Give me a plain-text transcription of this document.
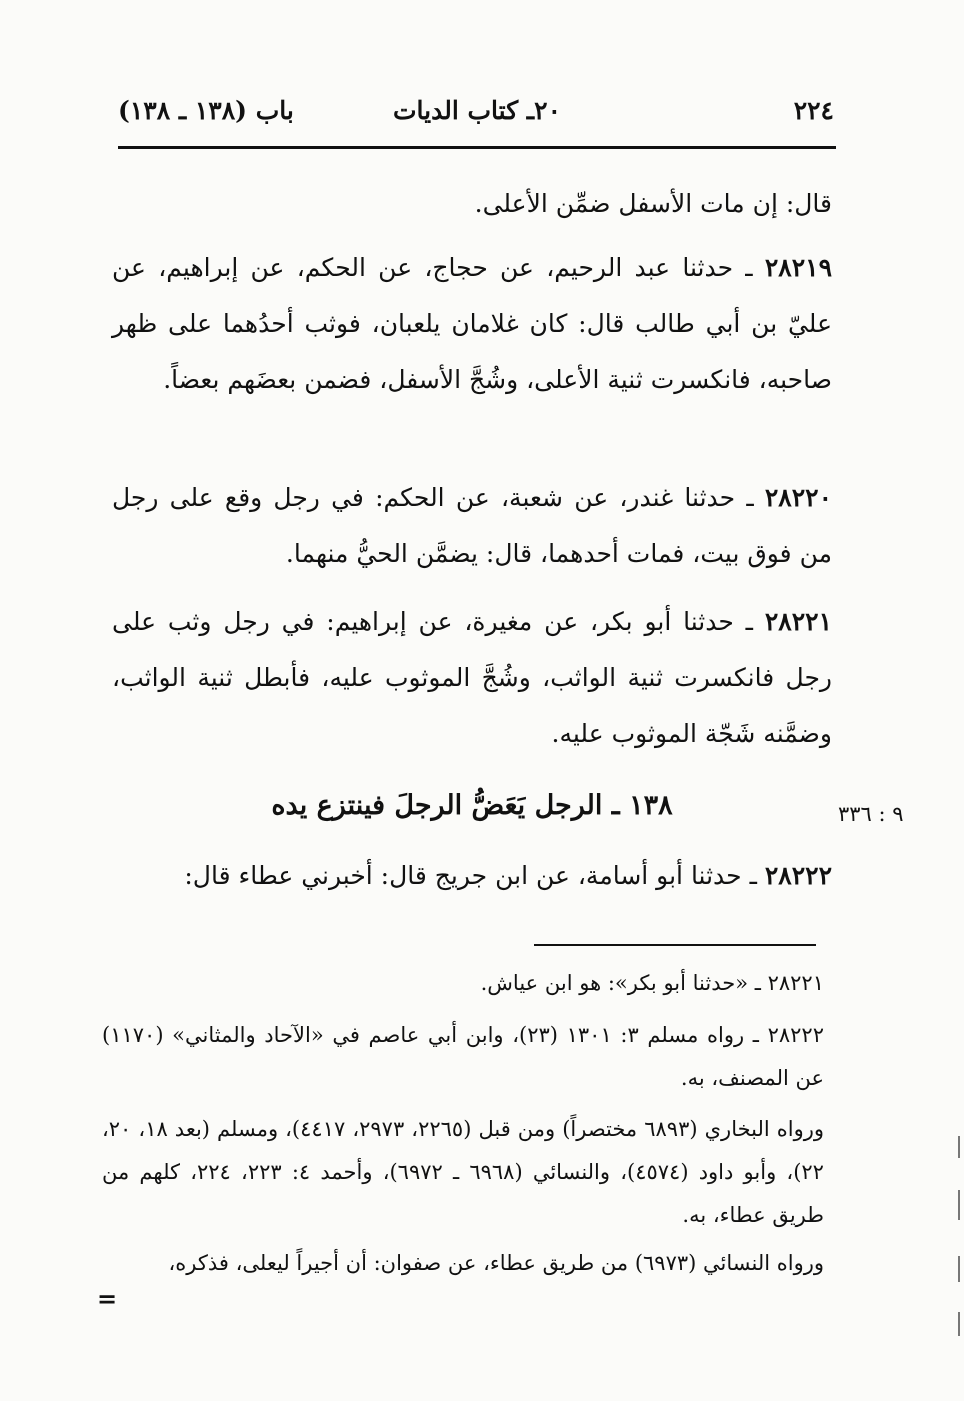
٢٢٤
٢٠ـ كتاب الديات
باب (١٣٨ ـ ١٣٨)
قال: إن مات الأسفل ضمِّن الأعلى.
٢٨٢١٩ ـ حدثنا عبد الرحيم، عن حجاج، عن الحكم، عن إبراهيم، عن عليّ بن أبي طالب قال: كان غلامان يلعبان، فوثب أحدُهما على ظهر صاحبه، فانكسرت ثنية الأعلى، وشُجَّ الأسفل، فضمن بعضَهم بعضاً.
٢٨٢٢٠ ـ حدثنا غندر، عن شعبة، عن الحكم: في رجل وقع على رجل من فوق بيت، فمات أحدهما، قال: يضمَّن الحيُّ منهما.
٢٨٢٢١ ـ حدثنا أبو بكر، عن مغيرة، عن إبراهيم: في رجل وثب على رجل فانكسرت ثنية الواثب، وشُجَّ الموثوب عليه، فأبطل ثنية الواثب، وضمَّنه شَجّة الموثوب عليه.
١٣٨ ـ الرجل يَعَضُّ الرجلَ فينتزع يده	٩ : ٣٣٦
٢٨٢٢٢ ـ حدثنا أبو أسامة، عن ابن جريج قال: أخبرني عطاء قال:
٢٨٢٢١ ـ «حدثنا أبو بكر»: هو ابن عياش.
٢٨٢٢٢ ـ رواه مسلم ٣: ١٣٠١ (٢٣)، وابن أبي عاصم في «الآحاد والمثاني» (١١٧٠) عن المصنف، به.
ورواه البخاري (٦٨٩٣ مختصراً) ومن قبل (٢٢٦٥، ٢٩٧٣، ٤٤١٧)، ومسلم (بعد ١٨، ٢٠، ٢٢)، وأبو داود (٤٥٧٤)، والنسائي (٦٩٦٨ ـ ٦٩٧٢)، وأحمد ٤: ٢٢٣، ٢٢٤، كلهم من طريق عطاء، به.
ورواه النسائي (٦٩٧٣) من طريق عطاء، عن صفوان: أن أجيراً ليعلى، فذكره،
=
